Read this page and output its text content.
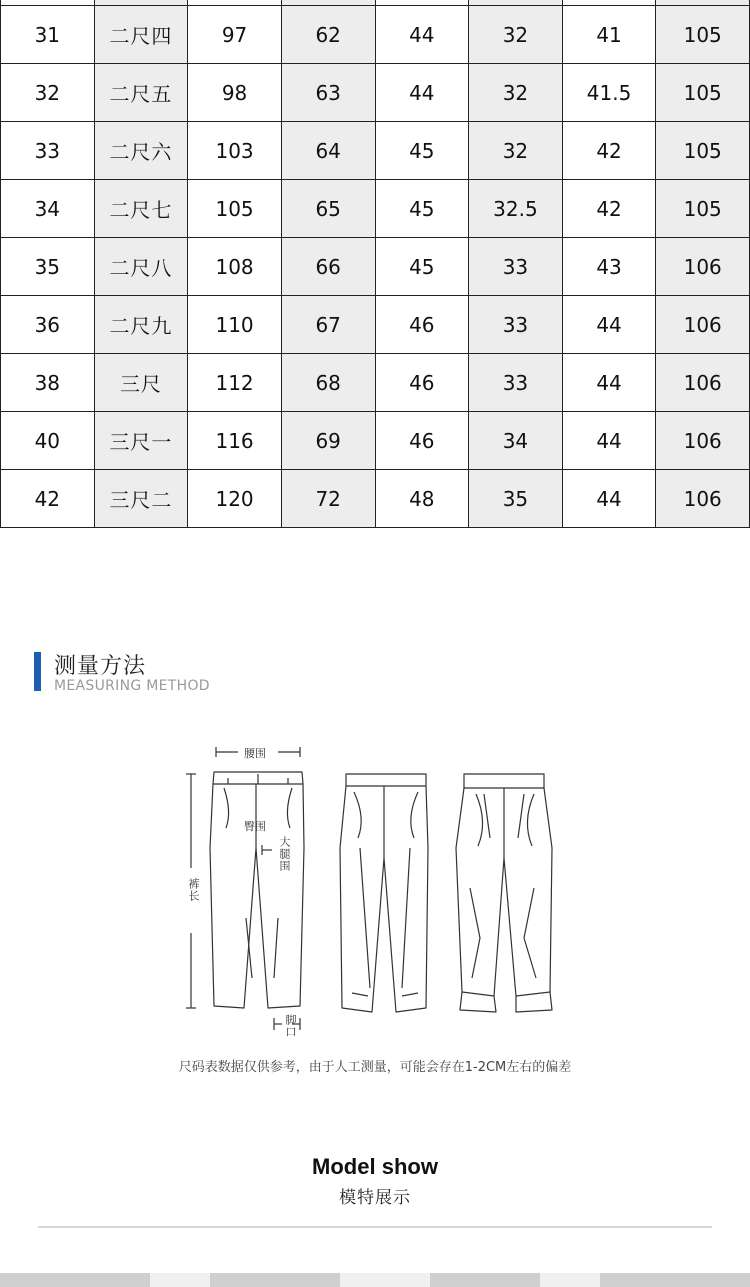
31	二尺四	97	62	44	32	41	105
32	二尺五	98	63	44	32	41.5	105
33	二尺六	103	64	45	32	42	105
34	二尺七	105	65	45	32.5	42	105
35	二尺八	108	66	45	33	43	106
36	二尺九	110	67	46	33	44	106
38	三尺	112	68	46	33	44	106
40	三尺一	116	69	46	34	44	106
42	三尺二	120	72	48	35	44	106
测量方法
MEASURING METHOD
腰围
臀围
大腿围
裤长
脚口
尺码表数据仅供参考，由于人工测量，可能会存在1-2CM左右的偏差
Model show
模特展示
